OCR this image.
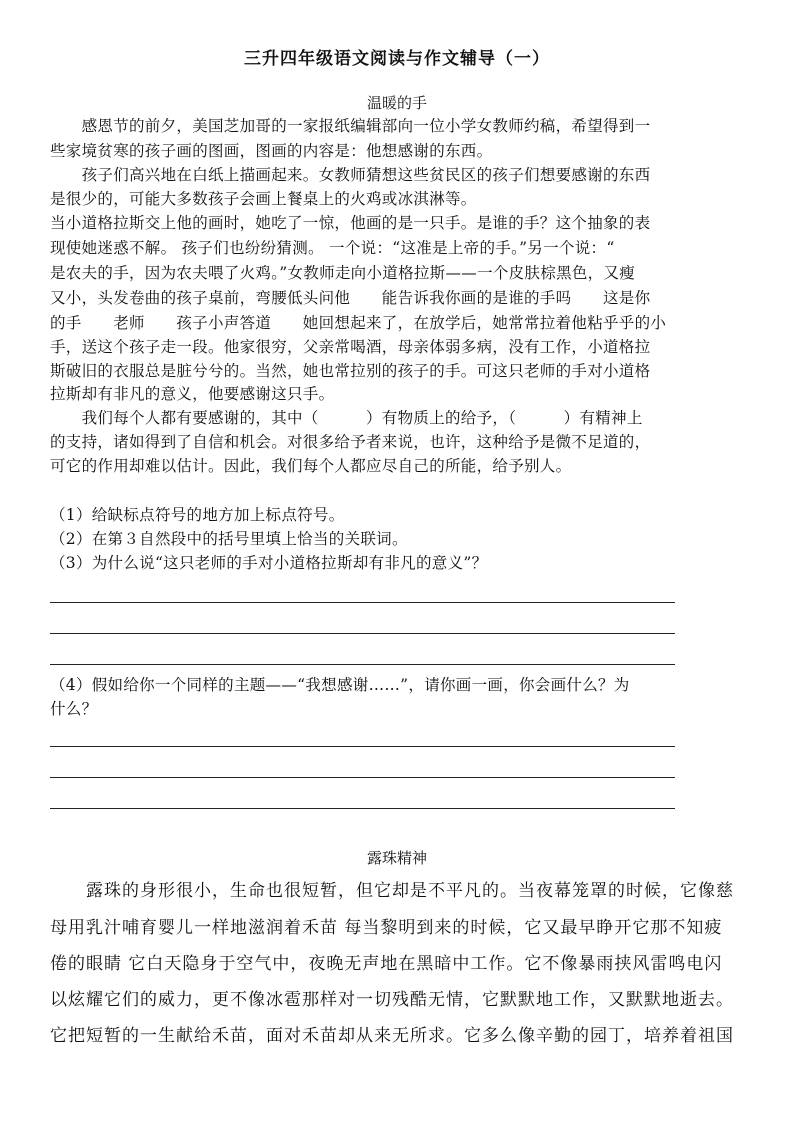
三升四年级语文阅读与作文辅导（一）
温暖的手
　　感恩节的前夕，美国芝加哥的一家报纸编辑部向一位小学女教师约稿，希望得到一
些家境贫寒的孩子画的图画，图画的内容是：他想感谢的东西。
　　孩子们高兴地在白纸上描画起来。女教师猜想这些贫民区的孩子们想要感谢的东西
是很少的，可能大多数孩子会画上餐桌上的火鸡或冰淇淋等。
当小道格拉斯交上他的画时，她吃了一惊，他画的是一只手。是谁的手？这个抽象的表
现使她迷惑不解。 孩子们也纷纷猜测。 一个说：“这准是上帝的手。”另一个说：“
是农夫的手，因为农夫喂了火鸡。”女教师走向小道格拉斯——一个皮肤棕黑色，又瘦
又小，头发卷曲的孩子桌前，弯腰低头问他　　能告诉我你画的是谁的手吗　　这是你
的手　　老师　　孩子小声答道　　她回想起来了，在放学后，她常常拉着他粘乎乎的小
手，送这个孩子走一段。他家很穷，父亲常喝酒，母亲体弱多病，没有工作，小道格拉
斯破旧的衣服总是脏兮兮的。当然，她也常拉别的孩子的手。可这只老师的手对小道格
拉斯却有非凡的意义，他要感谢这只手。
　　我们每个人都有要感谢的，其中（　　　）有物质上的给予，（　　　）有精神上
的支持，诸如得到了自信和机会。对很多给予者来说，也许，这种给予是微不足道的，
可它的作用却难以估计。因此，我们每个人都应尽自己的所能，给予别人。
（1）给缺标点符号的地方加上标点符号。
（2）在第３自然段中的括号里填上恰当的关联词。
（3）为什么说“这只老师的手对小道格拉斯却有非凡的意义”？
（4）假如给你一个同样的主题——“我想感谢……”，请你画一画，你会画什么？为
什么？
露珠精神
　　露珠的身形很小，生命也很短暂，但它却是不平凡的。当夜幕笼罩的时候，它像慈
母用乳汁哺育婴儿一样地滋润着禾苗 每当黎明到来的时候，它又最早睁开它那不知疲
倦的眼睛 它白天隐身于空气中，夜晚无声地在黑暗中工作。它不像暴雨挟风雷鸣电闪
以炫耀它们的威力，更不像冰雹那样对一切残酷无情，它默默地工作，又默默地逝去。
它把短暂的一生献给禾苗，面对禾苗却从来无所求。它多么像辛勤的园丁，培养着祖国
